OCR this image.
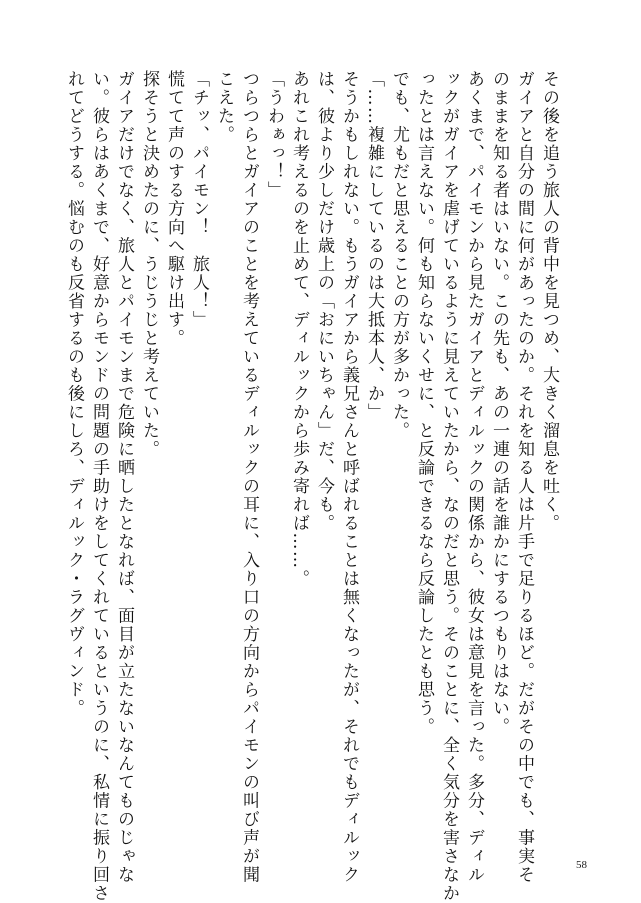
その後を追う旅人の背中を見つめ、大きく溜息を吐く。
ガイアと自分の間に何があったのか。それを知る人は片手で足りるほど。だがその中でも、事実そ
のままを知る者はいない。この先も、あの一連の話を誰かにするつもりはない。
あくまで、パイモンから見たガイアとディルックの関係から、彼女は意見を言った。多分、ディル
ックがガイアを虐げているように見えていたから、なのだと思う。そのことに、全く気分を害さなか
ったとは言えない。何も知らないくせに、と反論できるなら反論したとも思う。
でも、尤もだと思えることの方が多かった。
「……複雑にしているのは大抵本人、か」
そうかもしれない。もうガイアから義兄さんと呼ばれることは無くなったが、それでもディルック
は、彼より少しだけ歳上の「おにいちゃん」だ、今も。
あれこれ考えるのを止めて、ディルックから歩み寄れば……。
「うわぁっ！」
つらつらとガイアのことを考えているディルックの耳に、入り口の方向からパイモンの叫び声が聞
こえた。
「チッ、パイモン！　旅人！」
慌てて声のする方向へ駆け出す。
探そうと決めたのに、うじうじと考えていた。
ガイアだけでなく、旅人とパイモンまで危険に晒したとなれば、面目が立たないなんてものじゃな
い。彼らはあくまで、好意からモンドの問題の手助けをしてくれているというのに、私情に振り回さ
れてどうする。悩むのも反省するのも後にしろ、ディルック・ラグヴィンド。
58
